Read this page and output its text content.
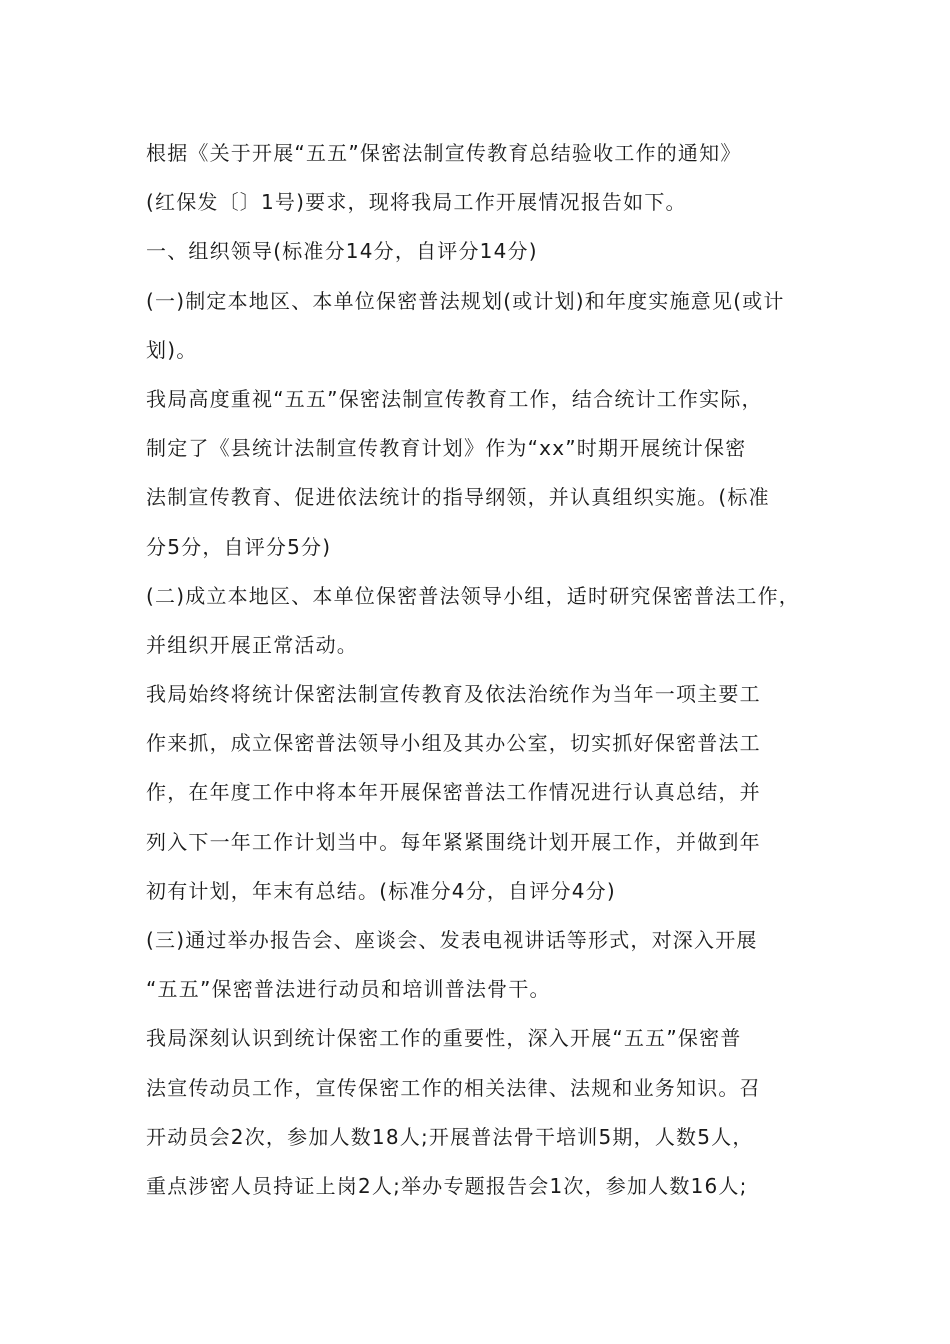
根据《关于开展“五五”保密法制宣传教育总结验收工作的通知》
(红保发〔〕1号)要求，现将我局工作开展情况报告如下。
一、组织领导(标准分14分，自评分14分)
(一)制定本地区、本单位保密普法规划(或计划)和年度实施意见(或计
划)。
我局高度重视“五五”保密法制宣传教育工作，结合统计工作实际，
制定了《县统计法制宣传教育计划》作为“xx”时期开展统计保密
法制宣传教育、促进依法统计的指导纲领，并认真组织实施。(标准
分5分，自评分5分)
(二)成立本地区、本单位保密普法领导小组，适时研究保密普法工作，
并组织开展正常活动。
我局始终将统计保密法制宣传教育及依法治统作为当年一项主要工
作来抓，成立保密普法领导小组及其办公室，切实抓好保密普法工
作，在年度工作中将本年开展保密普法工作情况进行认真总结，并
列入下一年工作计划当中。每年紧紧围绕计划开展工作，并做到年
初有计划，年末有总结。(标准分4分，自评分4分)
(三)通过举办报告会、座谈会、发表电视讲话等形式，对深入开展
“五五”保密普法进行动员和培训普法骨干。
我局深刻认识到统计保密工作的重要性，深入开展“五五”保密普
法宣传动员工作，宣传保密工作的相关法律、法规和业务知识。召
开动员会2次，参加人数18人;开展普法骨干培训5期，人数5人，
重点涉密人员持证上岗2人;举办专题报告会1次，参加人数16人;
